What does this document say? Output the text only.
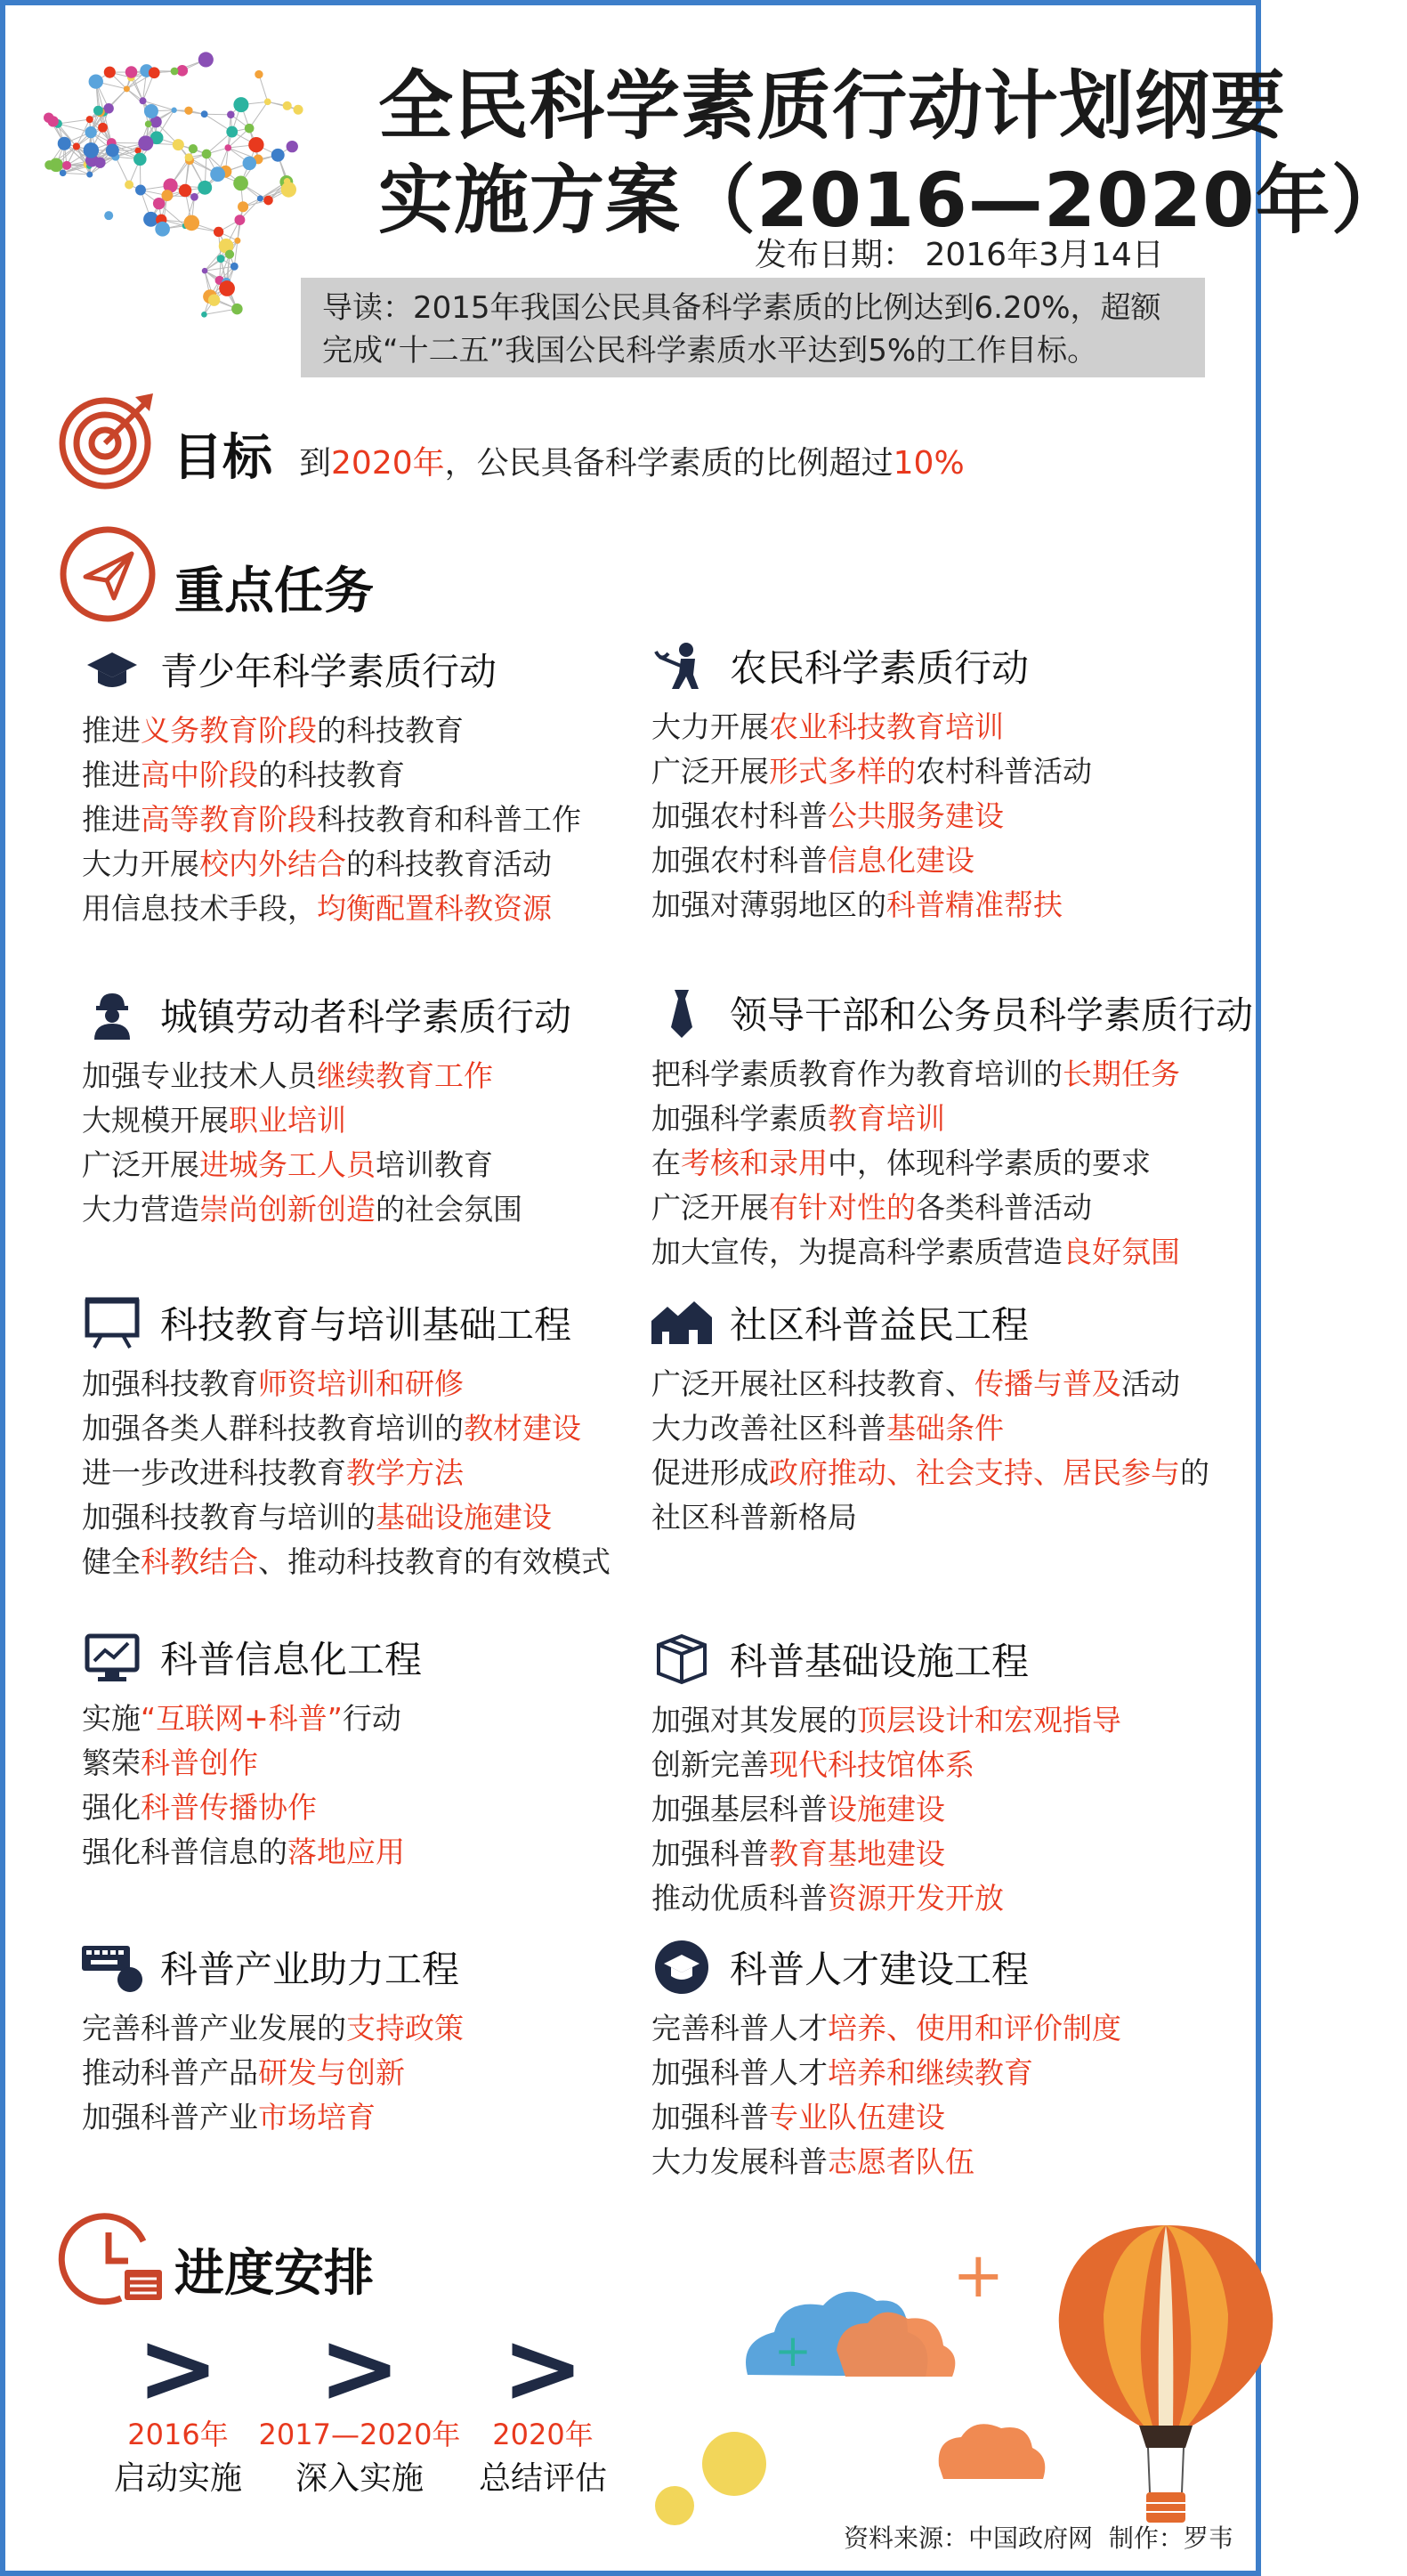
全民科学素质行动计划纲要
实施方案（2016—2020年）
发布日期： 2016年3月14日
导读：2015年我国公民具备科学素质的比例达到6.20%，超额
完成“十二五”我国公民科学素质水平达到5%的工作目标。
目标 到2020年，公民具备科学素质的比例超过10%
重点任务
青少年科学素质行动
推进义务教育阶段的科技教育
推进高中阶段的科技教育
推进高等教育阶段科技教育和科普工作
大力开展校内外结合的科技教育活动
用信息技术手段，均衡配置科教资源
农民科学素质行动
大力开展农业科技教育培训
广泛开展形式多样的农村科普活动
加强农村科普公共服务建设
加强农村科普信息化建设
加强对薄弱地区的科普精准帮扶
城镇劳动者科学素质行动
加强专业技术人员继续教育工作
大规模开展职业培训
广泛开展进城务工人员培训教育
大力营造崇尚创新创造的社会氛围
领导干部和公务员科学素质行动
把科学素质教育作为教育培训的长期任务
加强科学素质教育培训
在考核和录用中，体现科学素质的要求
广泛开展有针对性的各类科普活动
加大宣传，为提高科学素质营造良好氛围
科技教育与培训基础工程
加强科技教育师资培训和研修
加强各类人群科技教育培训的教材建设
进一步改进科技教育教学方法
加强科技教育与培训的基础设施建设
健全科教结合、推动科技教育的有效模式
社区科普益民工程
广泛开展社区科技教育、传播与普及活动
大力改善社区科普基础条件
促进形成政府推动、社会支持、居民参与的
社区科普新格局
科普信息化工程
实施“互联网+科普”行动
繁荣科普创作
强化科普传播协作
强化科普信息的落地应用
科普基础设施工程
加强对其发展的顶层设计和宏观指导
创新完善现代科技馆体系
加强基层科普设施建设
加强科普教育基地建设
推动优质科普资源开发开放
科普产业助力工程
完善科普产业发展的支持政策
推动科普产品研发与创新
加强科普产业市场培育
科普人才建设工程
完善科普人才培养、使用和评价制度
加强科普人才培养和继续教育
加强科普专业队伍建设
大力发展科普志愿者队伍
进度安排
>
2016年
启动实施
>
2017—2020年
深入实施
>
2020年
总结评估
+
+
资料来源：中国政府网 制作：罗韦
